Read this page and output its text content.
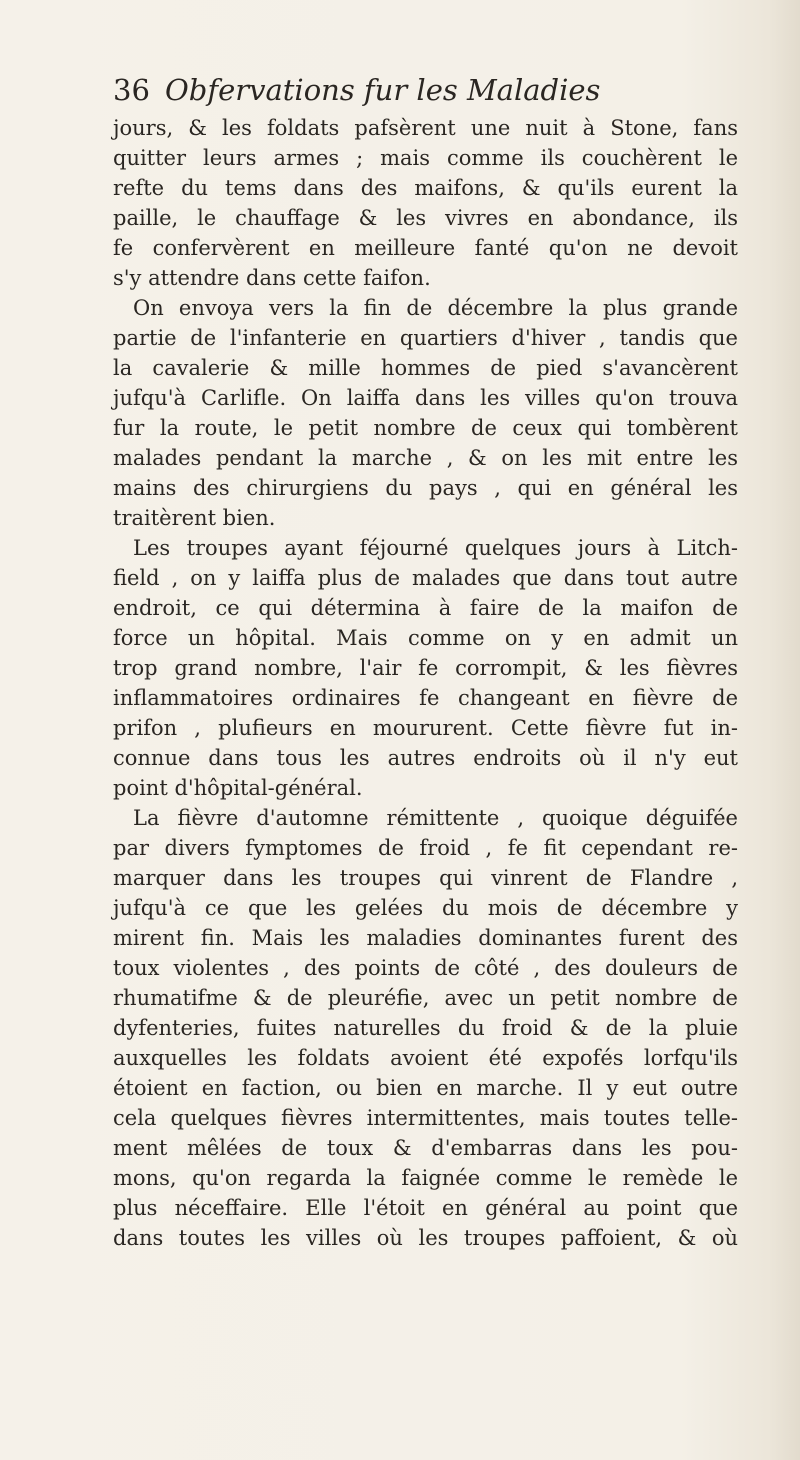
36 Obfervations fur les Maladies
jours, & les foldats pafsèrent une nuit à Stone, fans
quitter leurs armes ; mais comme ils couchèrent le
refte du tems dans des maifons, & qu'ils eurent la
paille, le chauffage & les vivres en abondance, ils
fe confervèrent en meilleure fanté qu'on ne devoit
s'y attendre dans cette faifon.
On envoya vers la fin de décembre la plus grande
partie de l'infanterie en quartiers d'hiver , tandis que
la cavalerie & mille hommes de pied s'avancèrent
jufqu'à Carlifle. On laiffa dans les villes qu'on trouva
fur la route, le petit nombre de ceux qui tombèrent
malades pendant la marche , & on les mit entre les
mains des chirurgiens du pays , qui en général les
traitèrent bien.
Les troupes ayant féjourné quelques jours à Litch-
field , on y laiffa plus de malades que dans tout autre
endroit, ce qui détermina à faire de la maifon de
force un hôpital. Mais comme on y en admit un
trop grand nombre, l'air fe corrompit, & les fièvres
inflammatoires ordinaires fe changeant en fièvre de
prifon , plufieurs en moururent. Cette fièvre fut in-
connue dans tous les autres endroits où il n'y eut
point d'hôpital-général.
La fièvre d'automne rémittente , quoique déguifée
par divers fymptomes de froid , fe fit cependant re-
marquer dans les troupes qui vinrent de Flandre ,
jufqu'à ce que les gelées du mois de décembre y
mirent fin. Mais les maladies dominantes furent des
toux violentes , des points de côté , des douleurs de
rhumatifme & de pleuréfie, avec un petit nombre de
dyfenteries, fuites naturelles du froid & de la pluie
auxquelles les foldats avoient été expofés lorfqu'ils
étoient en faction, ou bien en marche. Il y eut outre
cela quelques fièvres intermittentes, mais toutes telle-
ment mêlées de toux & d'embarras dans les pou-
mons, qu'on regarda la faignée comme le remède le
plus néceffaire. Elle l'étoit en général au point que
dans toutes les villes où les troupes paffoient, & où
